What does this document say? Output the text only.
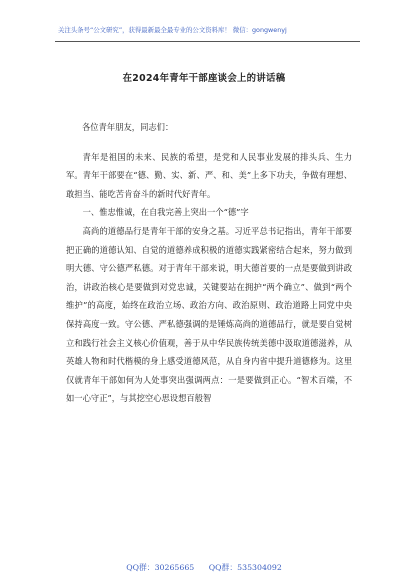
关注头条号“公文研究”，获得最新最全最专业的公文资料库！ 微信：gongwenyj
在2024年青年干部座谈会上的讲话稿

各位青年朋友，同志们：

青年是祖国的未来、民族的希望，是党和人民事业发展的排头兵、生力军。青年干部要在“德、勤、实、新、严、和、美”上多下功夫，争做有理想、敢担当、能吃苦肯奋斗的新时代好青年。

一、惟忠惟诚，在自我完善上突出一个“德”字

高尚的道德品行是青年干部的安身之基。习近平总书记指出，青年干部要把正确的道德认知、自觉的道德养成积极的道德实践紧密结合起来，努力做到明大德、守公德严私德。对于青年干部来说，明大德首要的一点是要做到讲政治，讲政治核心是要做到对党忠诚，关键要站在拥护“两个确立”、做到“两个维护”的高度，始终在政治立场、政治方向、政治原则、政治道路上同党中央保持高度一致。守公德、严私德强调的是锤炼高尚的道德品行，就是要自觉树立和践行社会主义核心价值观，善于从中华民族传统美德中汲取道德滋养，从英雄人物和时代楷模的身上感受道德风范，从自身内省中提升道德修为。这里仅就青年干部如何为人处事突出强调两点：一是要做到正心。“智术百端，不如一心守正”，与其挖空心思设想百般智

QQ群：30265665 QQ群：535304092
